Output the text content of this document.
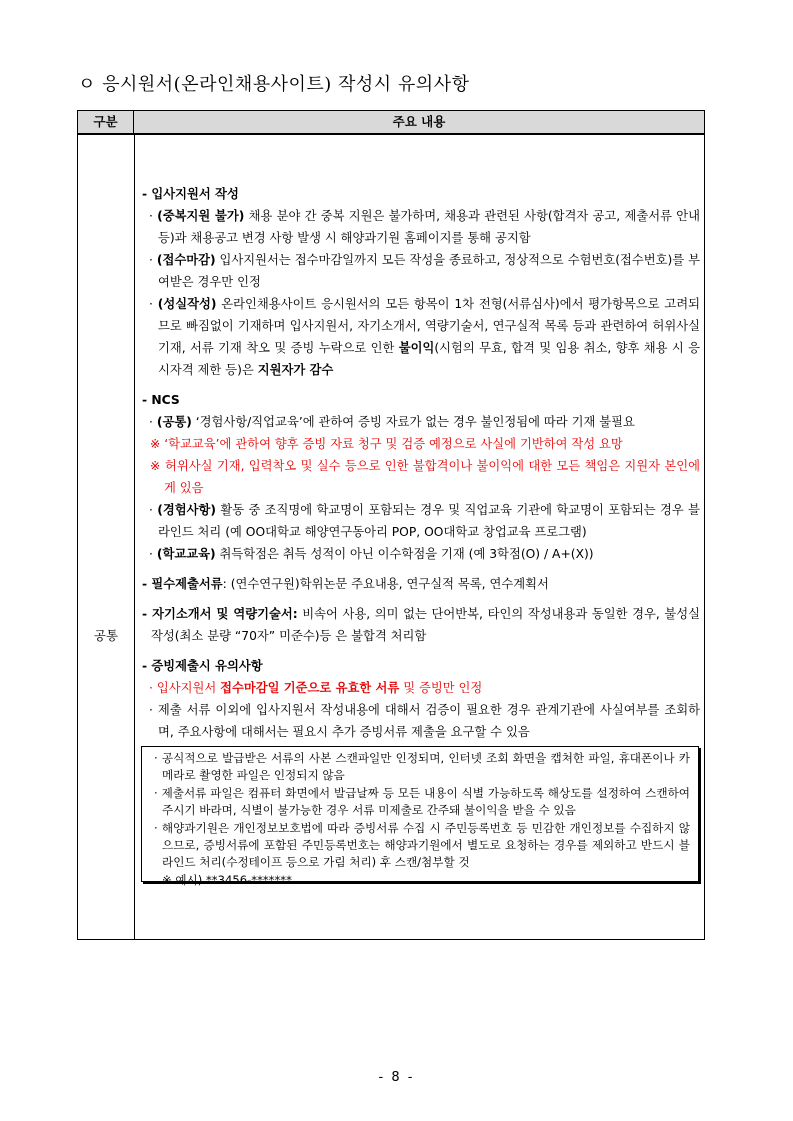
ㅇ 응시원서(온라인채용사이트) 작성시 유의사항
구분	주요 내용
공통

- 입사지원서 작성

· (중복지원 불가) 채용 분야 간 중복 지원은 불가하며, 채용과 관련된 사항(합격자 공고, 제출서류 안내 등)과 채용공고 변경 사항 발생 시 해양과기원 홈페이지를 통해 공지함

· (접수마감) 입사지원서는 접수마감일까지 모든 작성을 종료하고, 정상적으로 수험번호(접수번호)를 부여받은 경우만 인정

· (성실작성) 온라인채용사이트 응시원서의 모든 항목이 1차 전형(서류심사)에서 평가항목으로 고려되므로 빠짐없이 기재하며 입사지원서, 자기소개서, 역량기술서, 연구실적 목록 등과 관련하여 허위사실 기재, 서류 기재 착오 및 증빙 누락으로 인한 불이익(시험의 무효, 합격 및 임용 취소, 향후 채용 시 응시자격 제한 등)은 지원자가 감수

- NCS

· (공통) ‘경험사항/직업교육’에 관하여 증빙 자료가 없는 경우 불인정됨에 따라 기재 불필요

※ ‘학교교육’에 관하여 향후 증빙 자료 청구 및 검증 예정으로 사실에 기반하여 작성 요망

※ 허위사실 기재, 입력착오 및 실수 등으로 인한 불합격이나 불이익에 대한 모든 책임은 지원자 본인에게 있음

· (경험사항) 활동 중 조직명에 학교명이 포함되는 경우 및 직업교육 기관에 학교명이 포함되는 경우 블라인드 처리 (예 OO대학교 해양연구동아리 POP, OO대학교 창업교육 프로그램)

· (학교교육) 취득학점은 취득 성적이 아닌 이수학점을 기재 (예 3학점(O) / A+(X))

- 필수제출서류: (연수연구원)학위논문 주요내용, 연구실적 목록, 연수계획서

- 자기소개서 및 역량기술서: 비속어 사용, 의미 없는 단어반복, 타인의 작성내용과 동일한 경우, 불성실 작성(최소 분량 “70자” 미준수)등 은 불합격 처리함

- 증빙제출시 유의사항

· 입사지원서 접수마감일 기준으로 유효한 서류 및 증빙만 인정

· 제출 서류 이외에 입사지원서 작성내용에 대해서 검증이 필요한 경우 관계기관에 사실여부를 조회하며, 주요사항에 대해서는 필요시 추가 증빙서류 제출을 요구할 수 있음

· 공식적으로 발급받은 서류의 사본 스캔파일만 인정되며, 인터넷 조회 화면을 캡쳐한 파일, 휴대폰이나 카메라로 촬영한 파일은 인정되지 않음

· 제출서류 파일은 컴퓨터 화면에서 발급날짜 등 모든 내용이 식별 가능하도록 해상도를 설정하여 스캔하여 주시기 바라며, 식별이 불가능한 경우 서류 미제출로 간주돼 불이익을 받을 수 있음

· 해양과기원은 개인정보보호법에 따라 증빙서류 수집 시 주민등록번호 등 민감한 개인정보를 수집하지 않으므로, 증빙서류에 포함된 주민등록번호는 해양과기원에서 별도로 요청하는 경우를 제외하고 반드시 블라인드 처리(수정테이프 등으로 가림 처리) 후 스캔/첨부할 것

※ 예시) **3456-*******

- 8 -
